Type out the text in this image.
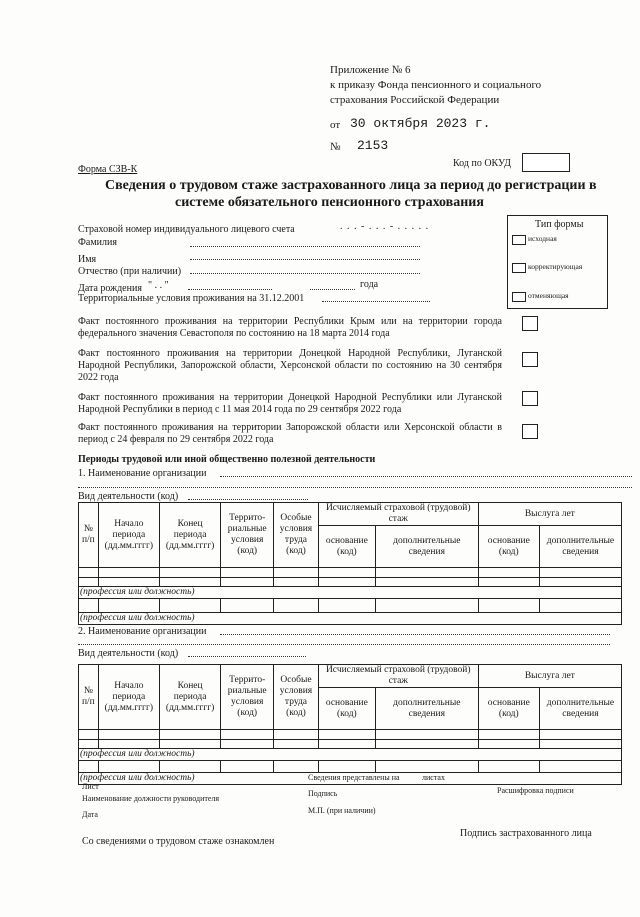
Приложение № 6
к приказу Фонда пенсионного и социального
страхования Российской Федерации
от 30 октября 2023 г.
№ 2153
Форма СЗВ-К
Код по ОКУД
Сведения о трудовом стаже застрахованного лица за период до регистрации в
системе обязательного пенсионного страхования
Тип формы
исходная
корректирующая
отменяющая
Страховой номер индивидуального лицевого счета	. . . - . . . - . . . . .
Фамилия
Имя
Отчество (при наличии)
Дата рождения " . . "	года
Территориальные условия проживания на 31.12.2001
Факт постоянного проживания на территории Республики Крым или на территории города федерального значения Севастополя по состоянию на 18 марта 2014 года
Факт постоянного проживания на территории Донецкой Народной Республики, Луганской Народной Республики, Запорожской области, Херсонской области по состоянию на 30 сентября 2022 года
Факт постоянного проживания на территории Донецкой Народной Республики или Луганской Народной Республики в период с 11 мая 2014 года по 29 сентября 2022 года
Факт постоянного проживания на территории Запорожской области или Херсонской области в период с 24 февраля по 29 сентября 2022 года
Периоды трудовой или иной общественно полезной деятельности
1. Наименование организации
Вид деятельности (код)
№ п/п	Начало периода (дд.мм.гггг)	Конец периода (дд.мм.гггг)	Террито-риальные условия (код)	Особые условия труда (код)	Исчисляемый страховой (трудовой) стаж		Выслуга лет	
					основание (код)	дополнительные сведения	основание (код)	дополнительные сведения

(профессия или должность)								

(профессия или должность)								
2. Наименование организации
Вид деятельности (код)
№ п/п	Начало периода (дд.мм.гггг)	Конец периода (дд.мм.гггг)	Террито-риальные условия (код)	Особые условия труда (код)	Исчисляемый страховой (трудовой) стаж		Выслуга лет	
					основание (код)	дополнительные сведения	основание (код)	дополнительные сведения

(профессия или должность)								

(профессия или должность)								
Лист
Сведения представлены на	листах
Наименование должности руководителя
Подпись	Расшифровка подписи
Дата	М.П. (при наличии)
Со сведениями о трудовом стаже ознакомлен
Подпись застрахованного лица
